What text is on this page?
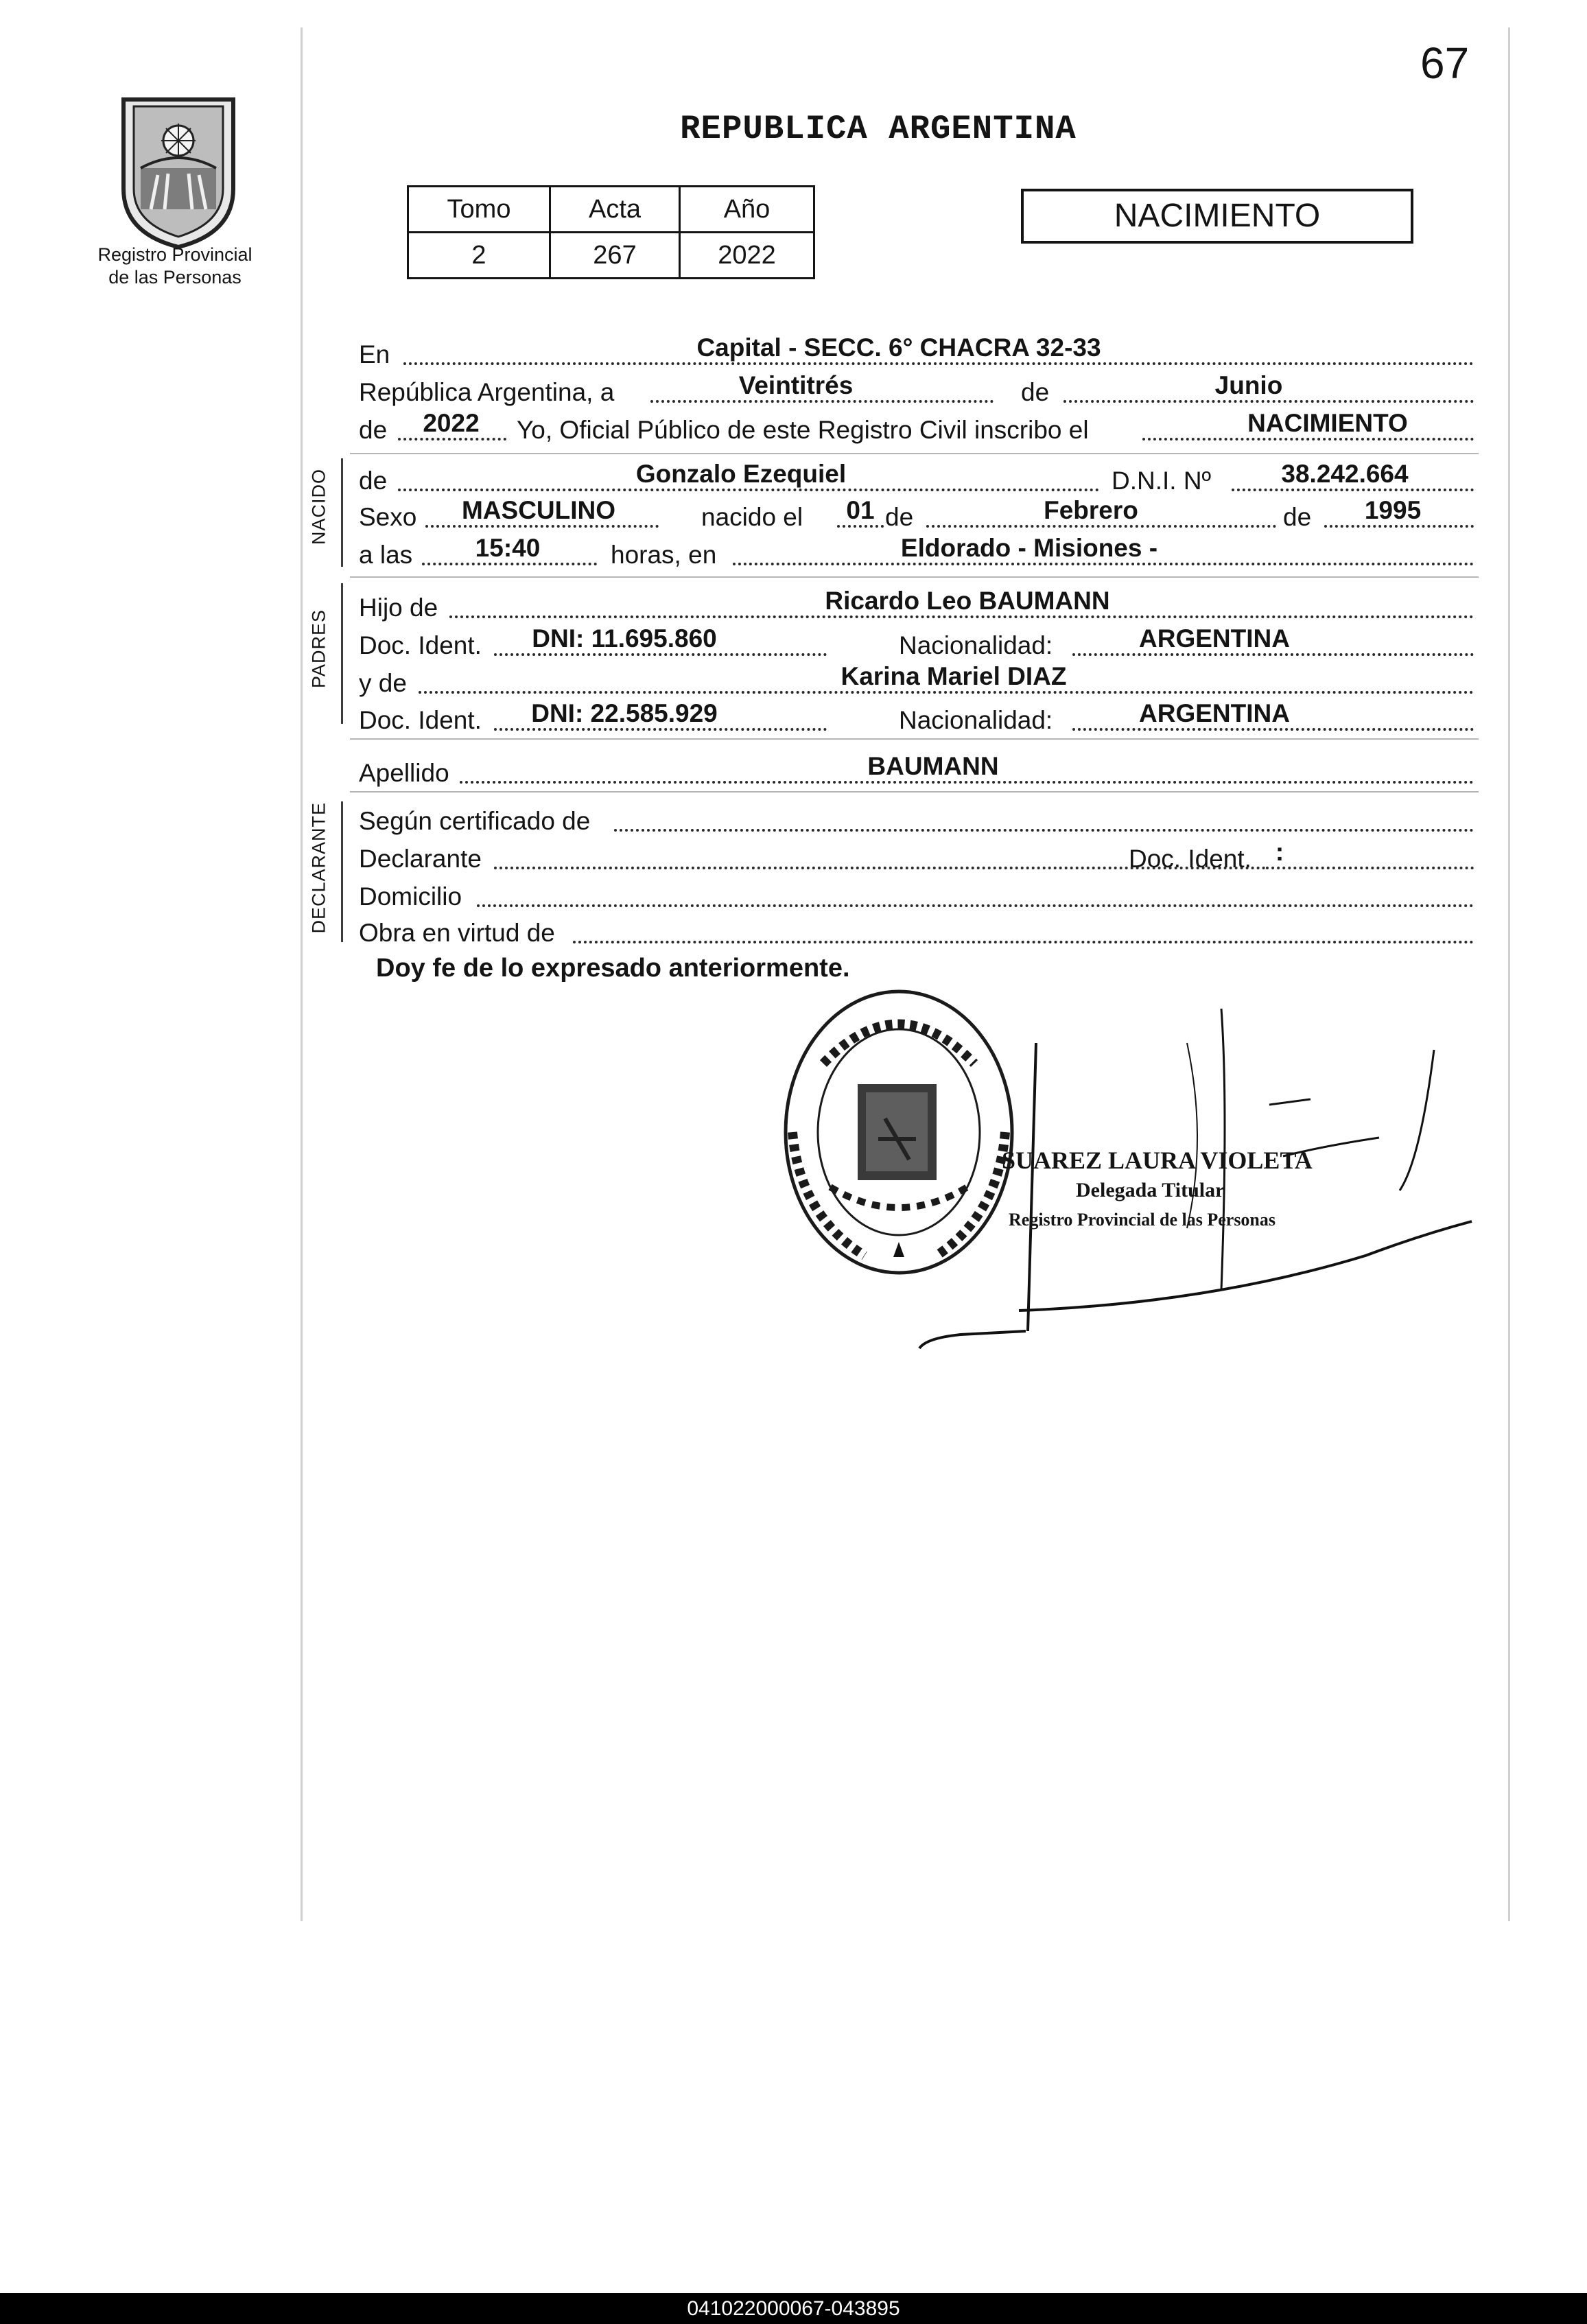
67
Registro Provincial
de las Personas
REPUBLICA ARGENTINA
Tomo	Acta	Año
2	267	2022
NACIMIENTO
En	Capital - SECC. 6° CHACRA 32-33
República Argentina, a	Veintitrés	de	Junio
de	2022	Yo, Oficial Público de este Registro Civil inscribo el	NACIMIENTO
NACIDO de	Gonzalo Ezequiel	D.N.I. Nº	38.242.664
Sexo	MASCULINO	nacido el	01 de	Febrero	de	1995
a las	15:40	horas, en	Eldorado - Misiones -
PADRES
Hijo de	Ricardo Leo BAUMANN
Doc. Ident.	DNI: 11.695.860	Nacionalidad:	ARGENTINA
y de	Karina Mariel DIAZ
Doc. Ident.	DNI: 22.585.929	Nacionalidad:	ARGENTINA
Apellido	BAUMANN
DECLARANTE Según certificado de
Declarante	Doc. Ident. :
Domicilio
Obra en virtud de
Doy fe de lo expresado anteriormente.
SUAREZ LAURA VIOLETA
Delegada Titular
Registro Provincial de las Personas
041022000067-043895
